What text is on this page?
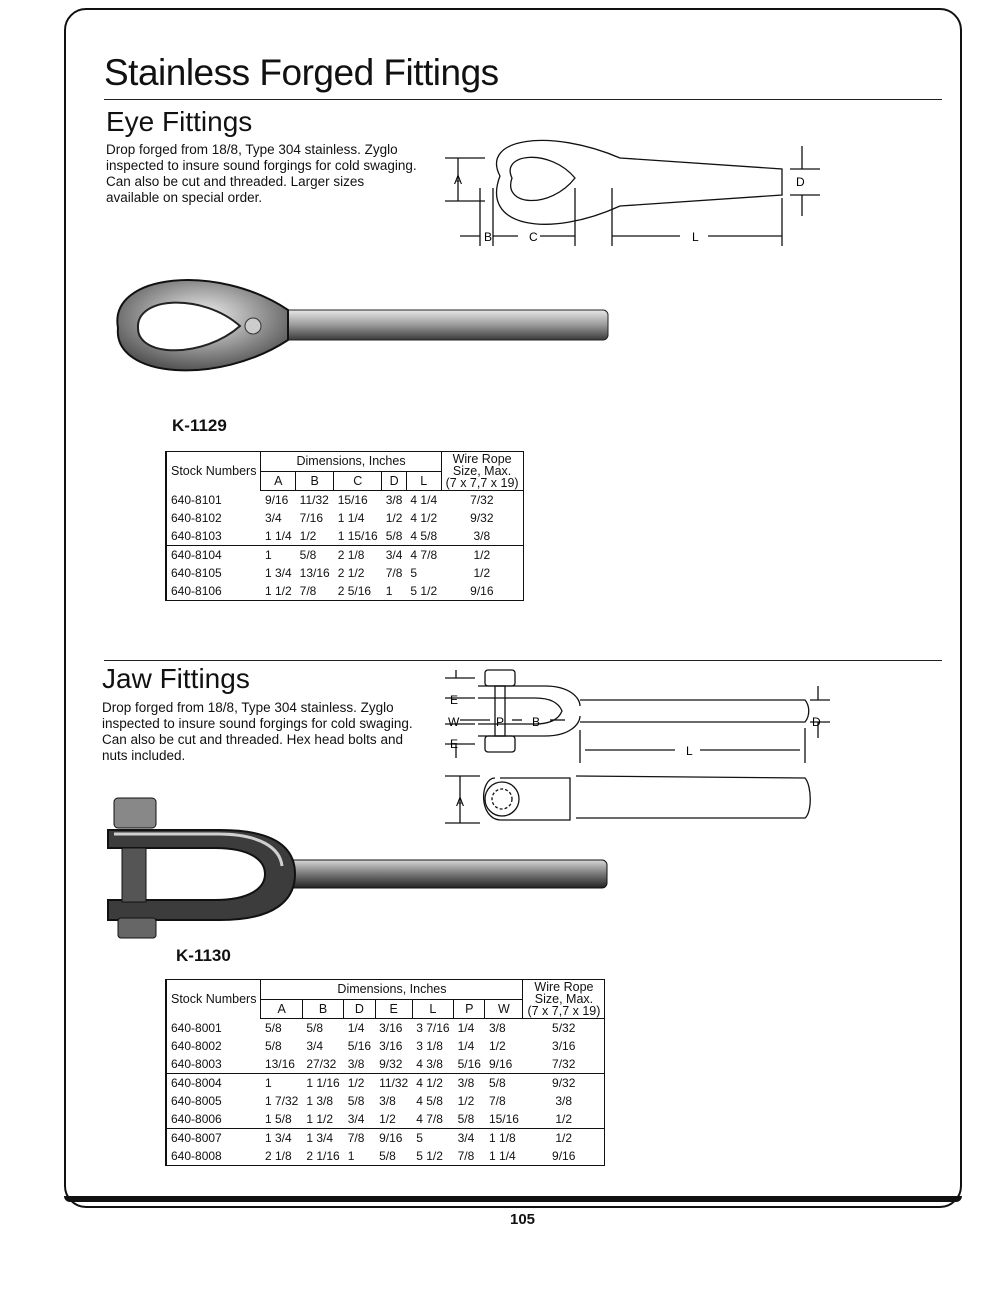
Stainless Forged Fittings
Eye Fittings
Drop forged from 18/8, Type 304 stainless. Zyglo inspected to insure sound forgings for cold swaging. Can also be cut and threaded. Larger sizes available on special order.
A
B	C	L
D
K-1129
Stock Numbers	Dimensions, Inches					Wire Rope
Size, Max.
(7 x 7,7 x 19)

	A	B	C	D	L	
640-8101	9/16	11/32	15/16	3/8	4 1/4	7/32
640-8102	3/4	7/16	1 1/4	1/2	4 1/2	9/32
640-8103	1 1/4	1/2	1 15/16	5/8	4 5/8	3/8
640-8104	1	5/8	2 1/8	3/4	4 7/8	1/2
640-8105	1 3/4	13/16	2 1/2	7/8	5	1/2
640-8106	1 1/2	7/8	2 5/16	1	5 1/2	9/16
Jaw Fittings
Drop forged from 18/8, Type 304 stainless. Zyglo inspected to insure sound forgings for cold swaging. Can also be cut and threaded. Hex head bolts and nuts included.
E
W
E
P B
L
D
A
K-1130
Stock Numbers	Dimensions, Inches							Wire Rope
Size, Max.
(7 x 7,7 x 19)

	A	B	D	E	L	P	W	
640-8001	5/8	5/8	1/4	3/16	3 7/16	1/4	3/8	5/32
640-8002	5/8	3/4	5/16	3/16	3 1/8	1/4	1/2	3/16
640-8003	13/16	27/32	3/8	9/32	4 3/8	5/16	9/16	7/32
640-8004	1	1 1/16	1/2	11/32	4 1/2	3/8	5/8	9/32
640-8005	1 7/32	1 3/8	5/8	3/8	4 5/8	1/2	7/8	3/8
640-8006	1 5/8	1 1/2	3/4	1/2	4 7/8	5/8	15/16	1/2
640-8007	1 3/4	1 3/4	7/8	9/16	5	3/4	1 1/8	1/2
640-8008	2 1/8	2 1/16	1	5/8	5 1/2	7/8	1 1/4	9/16
105
